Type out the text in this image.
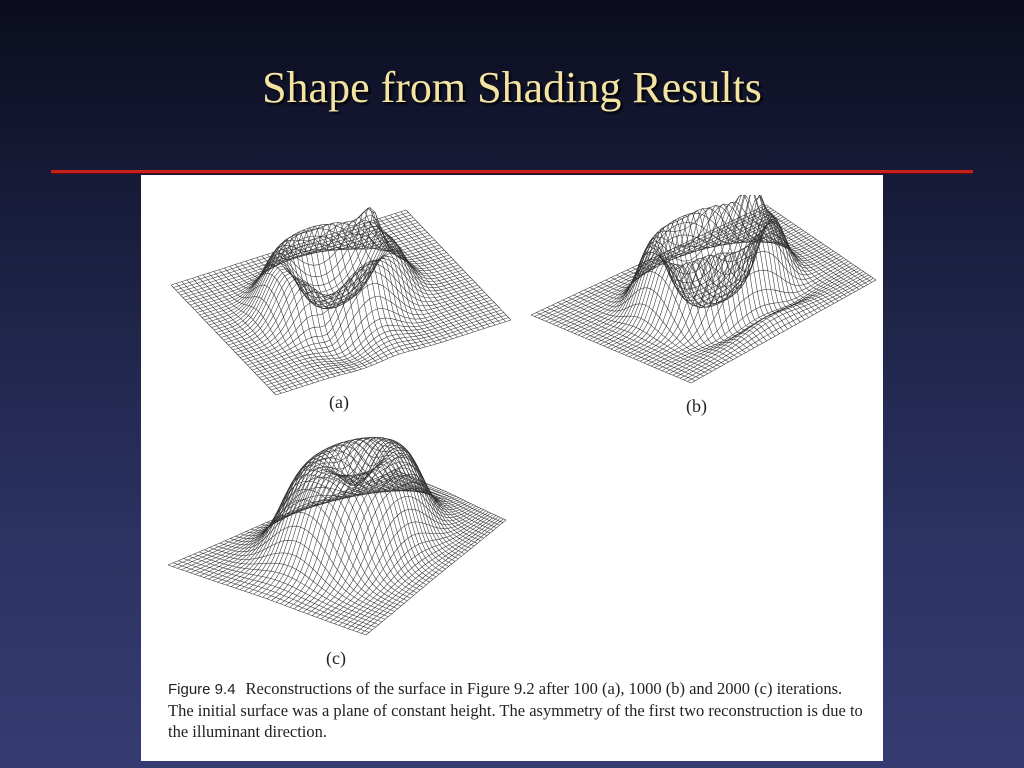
Shape from Shading Results
(a)	(b)
(c)
Figure 9.4 Reconstructions of the surface in Figure 9.2 after 100 (a), 1000 (b) and 2000 (c) iterations. The initial surface was a plane of constant height. The asymmetry of the first two reconstruction is due to the illuminant direction.
